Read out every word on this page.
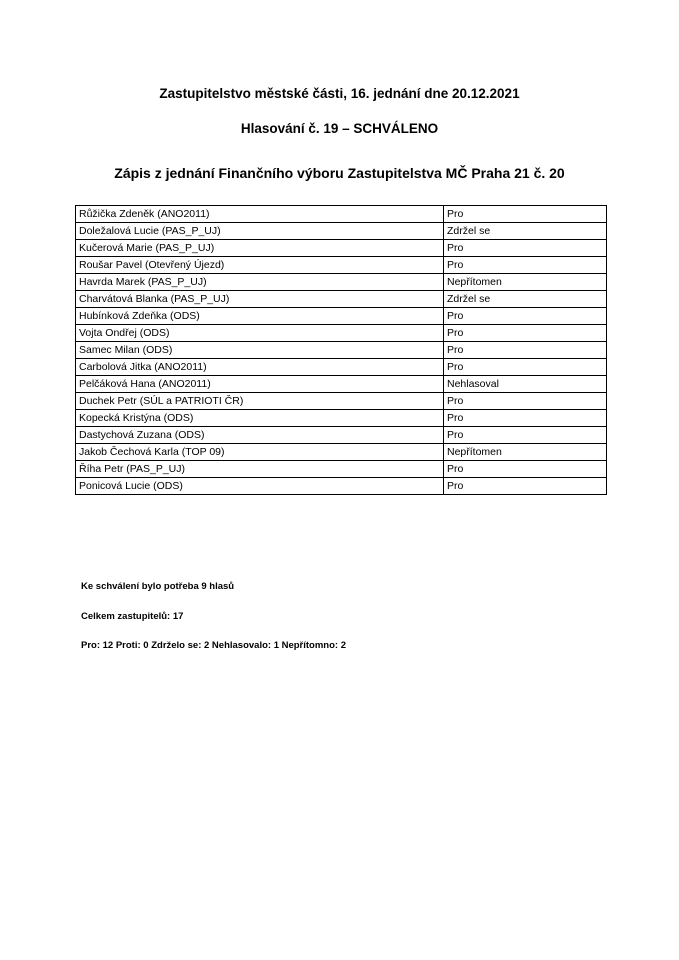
Zastupitelstvo městské části, 16. jednání dne 20.12.2021
Hlasování č. 19 – SCHVÁLENO
Zápis z jednání Finančního výboru Zastupitelstva MČ Praha 21 č. 20
Růžička Zdeněk (ANO2011)	Pro
Doležalová Lucie (PAS_P_UJ)	Zdržel se
Kučerová Marie (PAS_P_UJ)	Pro
Roušar Pavel (Otevřený Újezd)	Pro
Havrda Marek (PAS_P_UJ)	Nepřítomen
Charvátová Blanka (PAS_P_UJ)	Zdržel se
Hubínková Zdeňka (ODS)	Pro
Vojta Ondřej (ODS)	Pro
Samec Milan (ODS)	Pro
Carbolová Jitka (ANO2011)	Pro
Pelčáková Hana (ANO2011)	Nehlasoval
Duchek Petr (SÚL a PATRIOTI ČR)	Pro
Kopecká Kristýna (ODS)	Pro
Dastychová Zuzana (ODS)	Pro
Jakob Čechová Karla (TOP 09)	Nepřítomen
Říha Petr (PAS_P_UJ)	Pro
Ponicová Lucie (ODS)	Pro
Ke schválení bylo potřeba 9 hlasů
Celkem zastupitelů: 17
Pro: 12 Proti: 0 Zdrželo se: 2 Nehlasovalo: 1 Nepřítomno: 2
